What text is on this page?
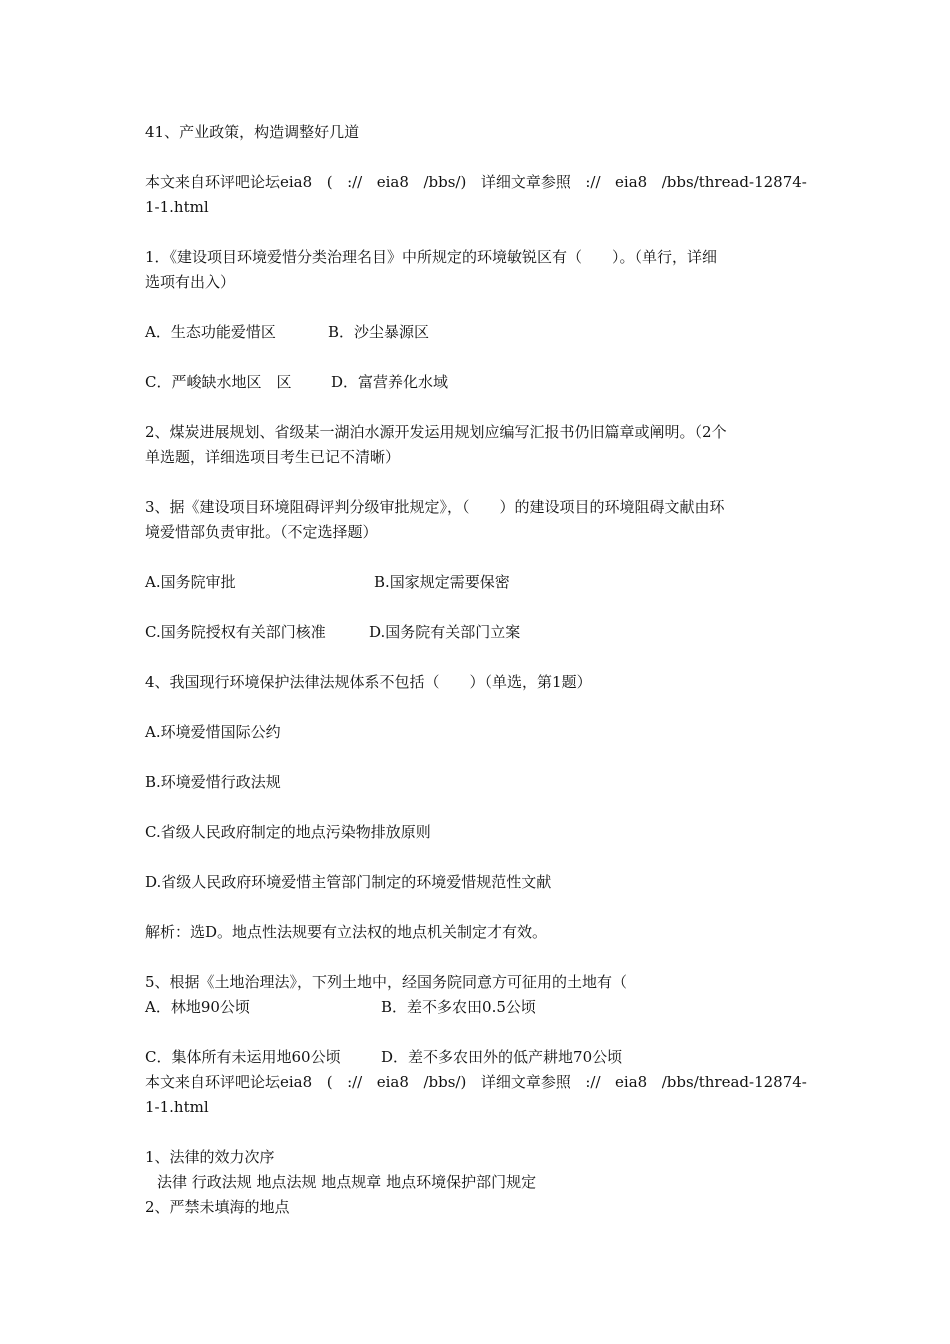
41、产业政策，构造调整好几道
本文来自环评吧论坛eia8 ( :// eia8 /bbs/) 详细文章参照 :// eia8 /bbs/thread-12874-
1-1.html
1．《建设项目环境爱惜分类治理名目》中所规定的环境敏锐区有（　　）。（单行，详细
选项有出入）
A．生态功能爱惜区	B．沙尘暴源区
C．严峻缺水地区　区	D．富营养化水域
2、煤炭进展规划、省级某一湖泊水源开发运用规划应编写汇报书仍旧篇章或阐明。（2个
单选题，详细选项目考生已记不清晰）
3、据《建设项目环境阻碍评判分级审批规定》，（　　）的建设项目的环境阻碍文献由环
境爱惜部负责审批。（不定选择题）
A.国务院审批	B.国家规定需要保密
C.国务院授权有关部门核准	D.国务院有关部门立案
4、我国现行环境保护法律法规体系不包括（　　）（单选，第1题）
A.环境爱惜国际公约
B.环境爱惜行政法规
C.省级人民政府制定的地点污染物排放原则
D.省级人民政府环境爱惜主管部门制定的环境爱惜规范性文献
解析：选D。地点性法规要有立法权的地点机关制定才有效。
5、根据《土地治理法》，下列土地中，经国务院同意方可征用的土地有（
A．林地90公顷	B．差不多农田0.5公顷
C．集体所有未运用地60公顷	D．差不多农田外的低产耕地70公顷
本文来自环评吧论坛eia8 ( :// eia8 /bbs/) 详细文章参照 :// eia8 /bbs/thread-12874-
1-1.html
1、法律的效力次序
法律 行政法规 地点法规 地点规章 地点环境保护部门规定
2、严禁未填海的地点
